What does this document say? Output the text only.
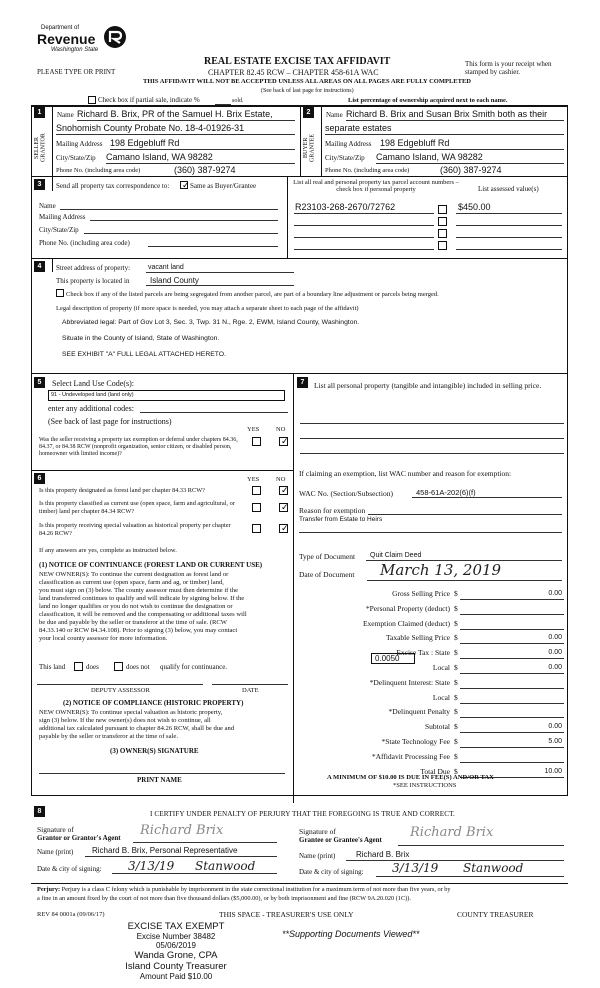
Department of
Revenue
Washington State
PLEASE TYPE OR PRINT
REAL ESTATE EXCISE TAX AFFIDAVIT
CHAPTER 82.45 RCW – CHAPTER 458-61A WAC
THIS AFFIDAVIT WILL NOT BE ACCEPTED UNLESS ALL AREAS ON ALL PAGES ARE FULLY COMPLETED
(See back of last page for instructions)
This form is your receipt when stamped by cashier.
Check box if partial sale, indicate %	sold.	List percentage of ownership acquired next to each name.
1
SELLER GRANTOR
Name Richard B. Brix, PR of the Samuel H. Brix Estate,
Snohomish County Probate No. 18-4-01926-31
Mailing Address 198 Edgebluff Rd
City/State/Zip Camano Island, WA 98282
Phone No. (including area code)	(360) 387-9274
2
BUYER GRANTEE
Name Richard B. Brix and Susan Brix Smith both as their
separate estates
Mailing Address 198 Edgebluff Rd
City/State/Zip Camano Island, WA 98282
Phone No. (including area code)	(360) 387-9274
3	Send all property tax correspondence to:
✓	Same as Buyer/Grantee	List all real and personal property tax parcel account numbers – check box if personal property	List assessed value(s)
Name
Mailing Address
City/State/Zip
Phone No. (including area code)
R23103-268-2670/72762	$450.00
4	Street address of property:	vacant land
This property is located in	Island County
Check box if any of the listed parcels are being segregated from another parcel, are part of a boundary line adjustment or parcels being merged.
Legal description of property (if more space is needed, you may attach a separate sheet to each page of the affidavit)
Abbreviated legal: Part of Gov Lot 3, Sec. 3, Twp. 31 N., Rge. 2, EWM, Island County, Washington.
Situate in the County of Island, State of Washington.
SEE EXHIBIT "A" FULL LEGAL ATTACHED HERETO.
5	Select Land Use Code(s):
91 - Undeveloped land (land only)
enter any additional codes:
(See back of last page for instructions)
YES	NO
Was the seller receiving a property tax exemption or deferral under chapters 84.36, 84.37, or 84.38 RCW (nonprofit organization, senior citizen, or disabled person, homeowner with limited income)?
✓
6	YES	NO
Is this property designated as forest land per chapter 84.33 RCW?
✓
Is this property classified as current use (open space, farm and agricultural, or timber) land per chapter 84.34 RCW?
✓
Is this property receiving special valuation as historical property per chapter 84.26 RCW?
✓
If any answers are yes, complete as instructed below.
(1) NOTICE OF CONTINUANCE (FOREST LAND OR CURRENT USE)
NEW OWNER(S): To continue the current designation as forest land or
classification as current use (open space, farm and ag, or timber) land,
you must sign on (3) below. The county assessor must then determine if the
land transferred continues to qualify and will indicate by signing below. If the
land no longer qualifies or you do not wish to continue the designation or
classification, it will be removed and the compensating or additional taxes will
be due and payable by the seller or transferor at the time of sale. (RCW
84.33.140 or RCW 84.34.108). Prior to signing (3) below, you may contact
your local county assessor for more information.
This land	does	does not qualify for continuance.
DEPUTY ASSESSOR	DATE
(2) NOTICE OF COMPLIANCE (HISTORIC PROPERTY)
NEW OWNER(S): To continue special valuation as historic property,
sign (3) below. If the new owner(s) does not wish to continue, all
additional tax calculated pursuant to chapter 84.26 RCW, shall be due and
payable by the seller or transferor at the time of sale.
(3) OWNER(S) SIGNATURE
PRINT NAME
7	List all personal property (tangible and intangible) included in selling price.
If claiming an exemption, list WAC number and reason for exemption:
WAC No. (Section/Subsection)	458-61A-202(6)(f)
Reason for exemption
Transfer from Estate to Heirs
Type of Document Quit Claim Deed
Date of Document March 13, 2019
Gross Selling Price $	0.00
*Personal Property (deduct) $
Exemption Claimed (deduct) $
Taxable Selling Price $	0.00
Excise Tax : State $	0.00
Local $	0.00
*Delinquent Interest: State $
Local $
*Delinquent Penalty $
Subtotal $	0.00
*State Technology Fee $	5.00
*Affidavit Processing Fee $
Total Due $	10.00
0.0050
A MINIMUM OF $10.00 IS DUE IN FEE(S) AND/OR TAX
*SEE INSTRUCTIONS
8	I CERTIFY UNDER PENALTY OF PERJURY THAT THE FOREGOING IS TRUE AND CORRECT.
Signature of
Grantor or Grantor's Agent Richard Brix
Name (print) Richard B. Brix, Personal Representative
Date & city of signing: 3/13/19 Stanwood
Signature of
Grantee or Grantee's Agent Richard Brix
Name (print)	Richard B. Brix
Date & city of signing: 3/13/19 Stanwood
Perjury: Perjury is a class C felony which is punishable by imprisonment in the state correctional institution for a maximum term of not more than five years, or by
a fine in an amount fixed by the court of not more than five thousand dollars ($5,000.00), or by both imprisonment and fine (RCW 9A.20.020 (1C)).
REV 84 0001a (09/06/17)	THIS SPACE - TREASURER'S USE ONLY	COUNTY TREASURER
EXCISE TAX EXEMPT
Excise Number 38482
05/06/2019
Wanda Grone, CPA
Island County Treasurer
Amount Paid $10.00
**Supporting Documents Viewed**
